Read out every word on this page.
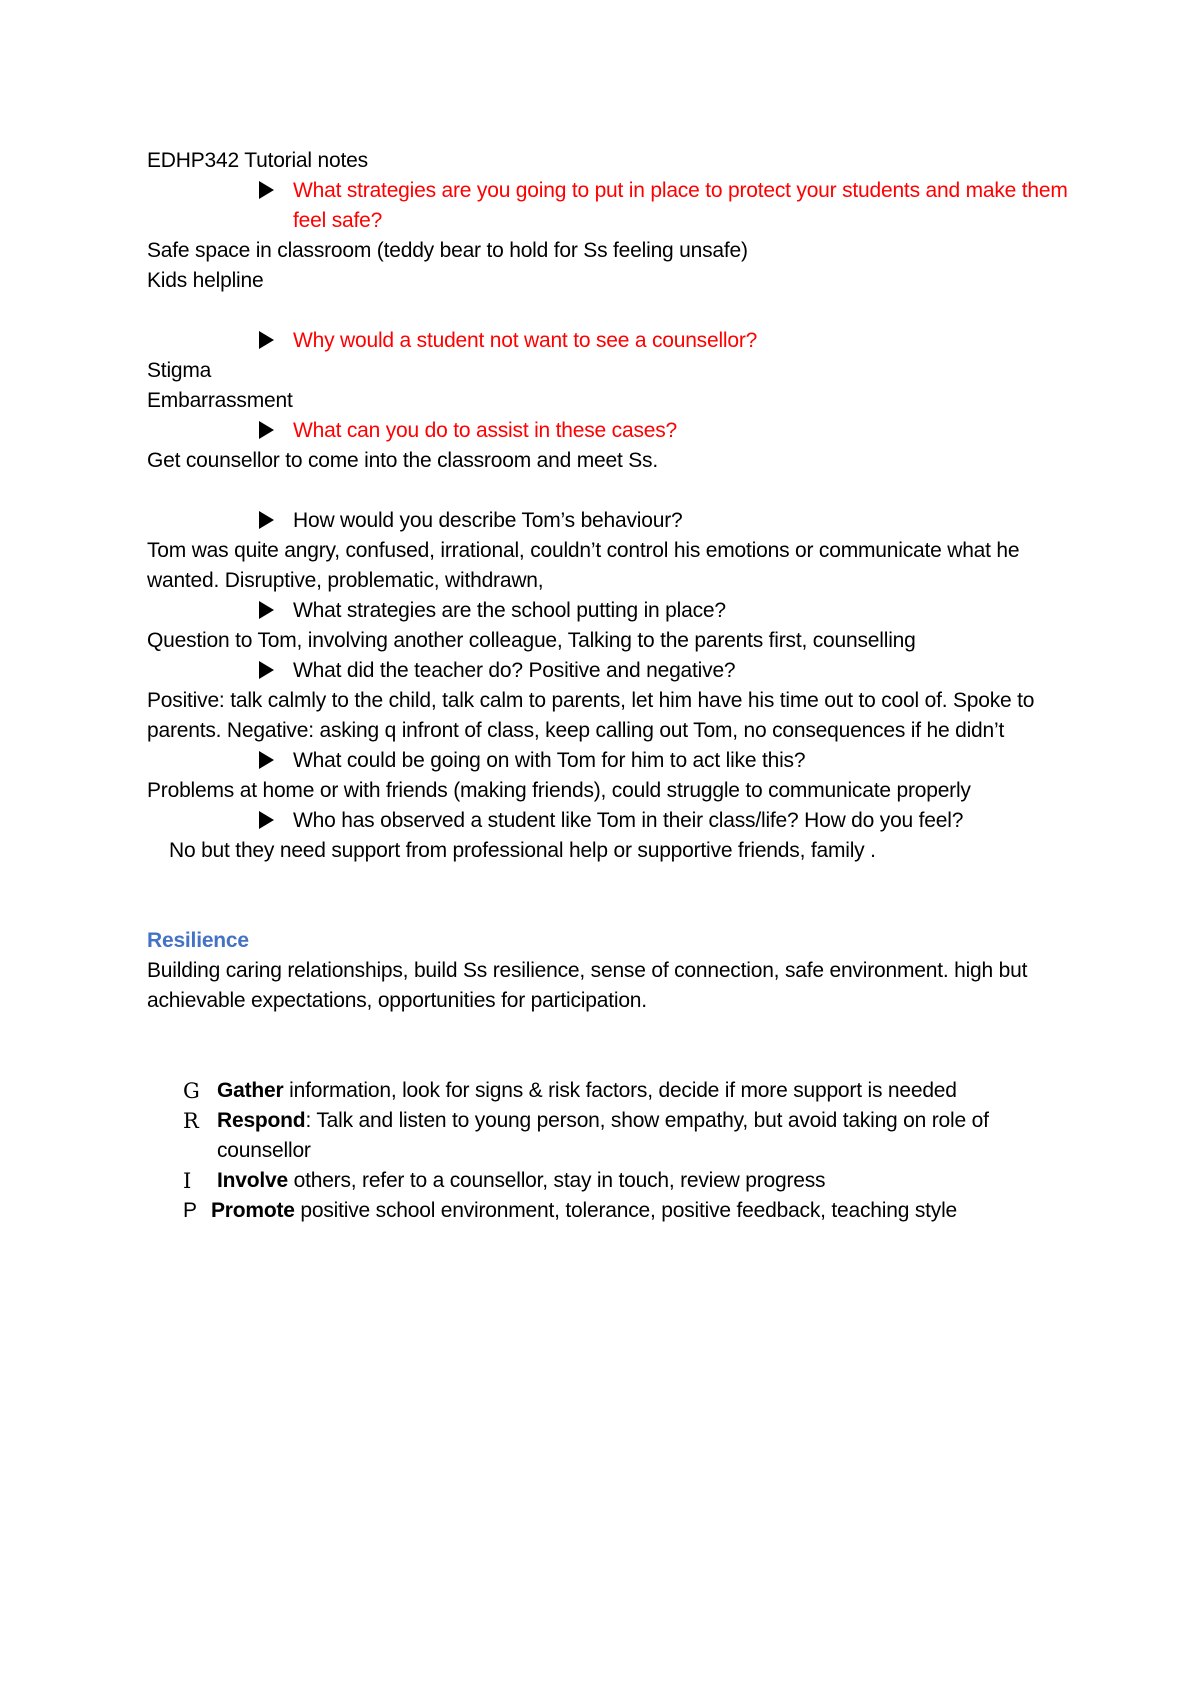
EDHP342 Tutorial notes

What strategies are you going to put in place to protect your students and make them feel safe?

Safe space in classroom (teddy bear to hold for Ss feeling unsafe)

Kids helpline

Why would a student not want to see a counsellor?

Stigma

Embarrassment

What can you do to assist in these cases?

Get counsellor to come into the classroom and meet Ss.

How would you describe Tom’s behaviour?

Tom was quite angry, confused, irrational, couldn’t control his emotions or communicate what he wanted. Disruptive, problematic, withdrawn,

What strategies are the school putting in place?

Question to Tom, involving another colleague, Talking to the parents first, counselling

What did the teacher do? Positive and negative?

Positive: talk calmly to the child, talk calm to parents, let him have his time out to cool of. Spoke to parents. Negative: asking q infront of class, keep calling out Tom, no consequences if he didn’t

What could be going on with Tom for him to act like this?

Problems at home or with friends (making friends), could struggle to communicate properly

Who has observed a student like Tom in their class/life? How do you feel?

No but they need support from professional help or supportive friends, family .

Resilience

Building caring relationships, build Ss resilience, sense of connection, safe environment. high but achievable expectations, opportunities for participation.

G Gather information, look for signs & risk factors, decide if more support is needed

R Respond: Talk and listen to young person, show empathy, but avoid taking on role of counsellor

I	Involve others, refer to a counsellor, stay in touch, review progress

P Promote positive school environment, tolerance, positive feedback, teaching style
